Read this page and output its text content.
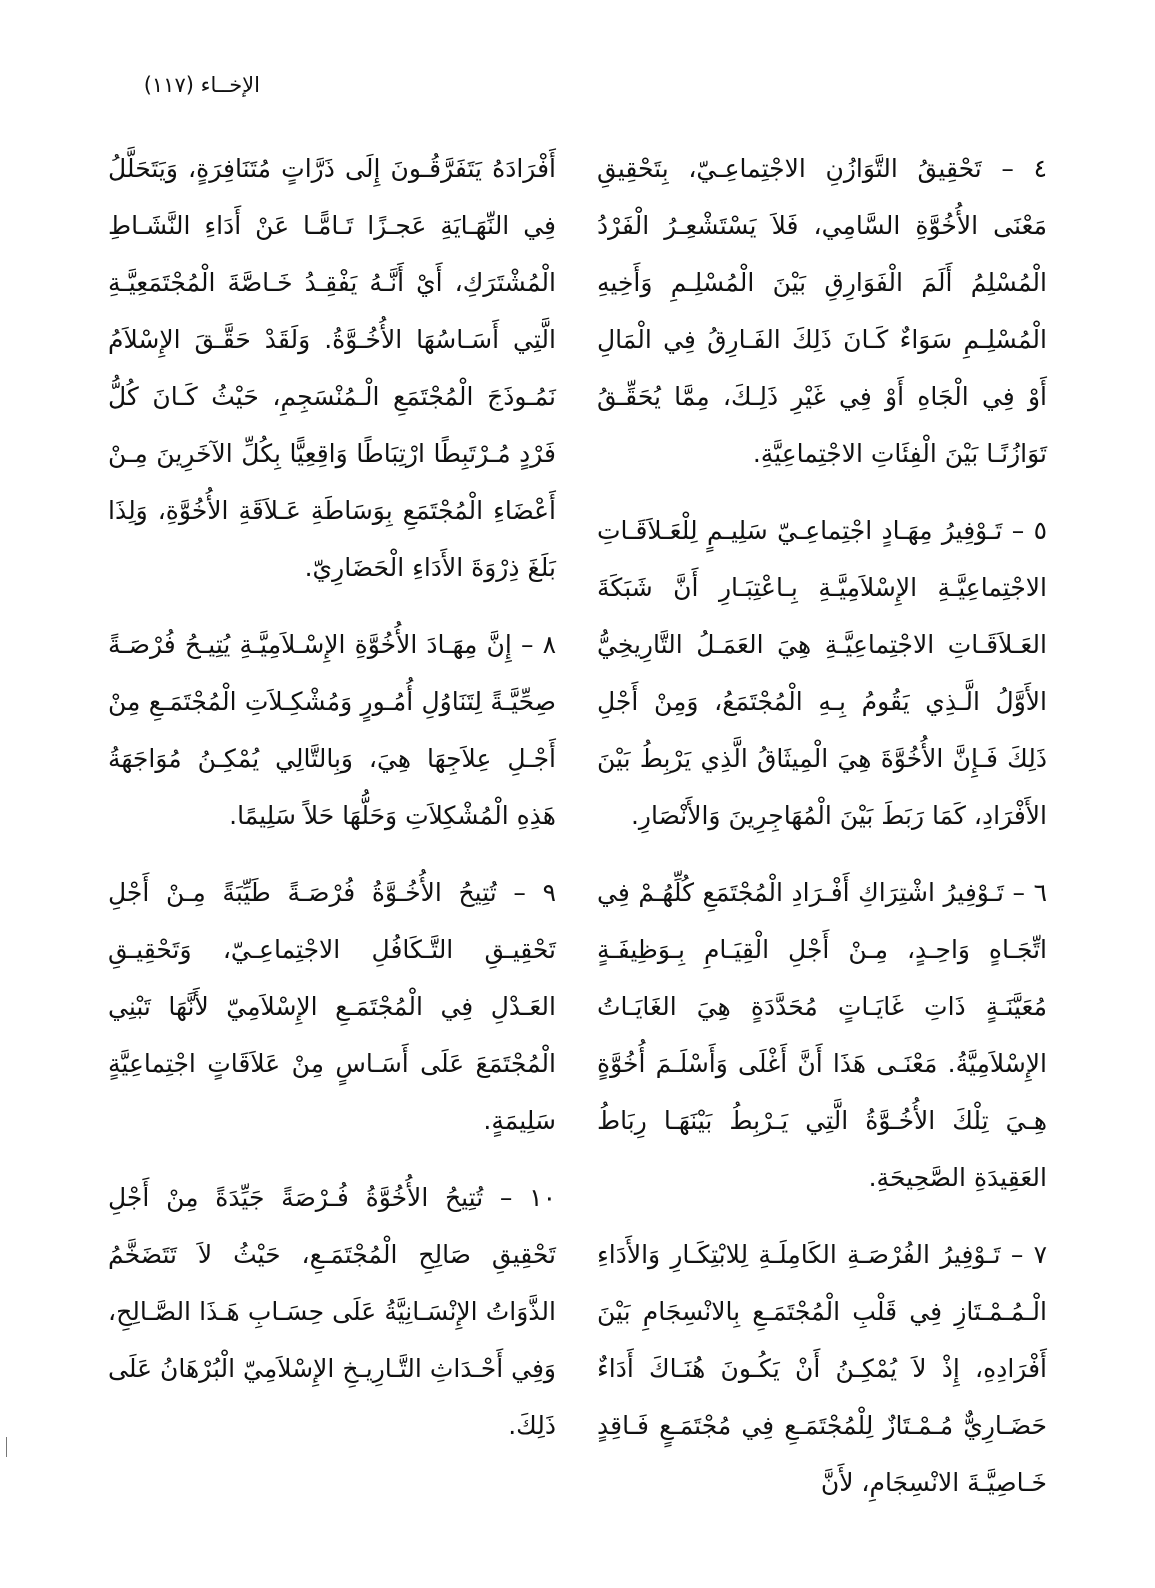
الإخــاء (١١٧)

٤ – تَحْقِيقُ التَّوَازُنِ الاجْتِماعِـيّ، بِتَحْقِيقِ مَعْنَى الأُخُوَّةِ السَّامِي، فَلاَ يَسْتَشْعِـرُ الْفَرْدُ الْمُسْلِمُ أَلَمَ الْفَوَارِقِ بَيْنَ الْمُسْلِـمِ وَأَخِيهِ الْمُسْلِـمِ سَوَاءٌ كَـانَ ذَلِكَ الفَـارِقُ فِي الْمَالِ أَوْ فِي الْجَاهِ أَوْ فِي غَيْرِ ذَلِـكَ، مِمَّا يُحَقِّـقُ تَوَازُنًـا بَيْنَ الْفِئَاتِ الاجْتِماعِيَّةِ.

٥ – تَـوْفِيرُ مِهَـادٍ اجْتِماعِـيّ سَلِيـمٍ لِلْعَـلاَقَـاتِ الاجْتِماعِيَّـةِ الإِسْلاَمِيَّـةِ بِـاعْتِبَـارِ أَنَّ شَبَكَةَ العَـلاَقَـاتِ الاجْتِماعِيَّـةِ هِيَ العَمَـلُ التَّارِيخِيُّ الأَوَّلُ الَّـذِي يَقُومُ بِـهِ الْمُجْتَمَعُ، وَمِنْ أَجْلِ ذَلِكَ فَـإِنَّ الأُخُوَّةَ هِيَ الْمِيثَاقُ الَّذِي يَرْبِطُ بَيْنَ الأَفْرَادِ، كَمَا رَبَطَ بَيْنَ الْمُهَاجِرِينَ وَالأَنْصَارِ.

٦ – تَـوْفِيرُ اشْتِرَاكِ أَفْـرَادِ الْمُجْتَمَعِ كُلِّهُـمْ فِي اتِّجَـاهٍ وَاحِـدٍ، مِـنْ أَجْلِ الْقِيَـامِ بِـوَظِيفَـةٍ مُعَيَّنَـةٍ ذَاتِ غَايَـاتٍ مُحَدَّدَةٍ هِيَ الغَايَـاتُ الإِسْلاَمِيَّةُ. مَعْنَـى هَذَا أَنَّ أَغْلَى وَأَسْلَـمَ أُخُوَّةٍ هِـيَ تِلْكَ الأُخُـوَّةُ الَّتِي يَـرْبِطُ بَيْنَهَـا رِبَاطُ العَقِيدَةِ الصَّحِيحَةِ.

٧ – تَـوْفِيرُ الفُرْصَـةِ الكَامِلَـةِ لِلابْتِكَـارِ وَالأَدَاءِ الْـمُـمْـتَازِ فِي قَلْبِ الْمُجْتَمَـعِ بِالانْسِجَامِ بَيْنَ أَفْرَادِهِ، إِذْ لاَ يُمْكِـنُ أَنْ يَكُـونَ هُنَـاكَ أَدَاءٌ حَضَـارِيٌّ مُـمْـتَازٌ لِلْمُجْتَمَـعِ فِي مُجْتَمَـعٍ فَـاقِدٍ خَـاصِيَّـةَ الانْسِجَامِ، لأَنَّ

أَفْرَادَهُ يَتَفَرَّقُـونَ إِلَى ذَرَّاتٍ مُتَنَافِرَةٍ، وَيَتَحَلَّلُ فِي النِّهَـايَةِ عَجـزًا تَـامًّـا عَنْ أَدَاءِ النَّشَـاطِ الْمُشْتَرَكِ، أَيْ أَنَّـهُ يَفْقِـدُ خَـاصَّةَ الْمُجْتَمَعِيَّـةِ الَّتِي أَسَـاسُهَا الأُخُـوَّةُ. وَلَقَدْ حَقَّـقَ الإِسْلاَمُ نَمُـوذَجَ الْمُجْتَمَعِ الْـمُنْسَجِمِ، حَيْثُ كَـانَ كُلُّ فَرْدٍ مُـرْتَبِطًا ارْتِبَاطًا وَاقِعِيًّا بِكُلِّ الآخَرِينَ مِـنْ أَعْضَاءِ الْمُجْتَمَعِ بِوَسَاطَةِ عَـلاَقَةِ الأُخُوَّةِ، وَلِذَا بَلَغَ ذِرْوَةَ الأَدَاءِ الْحَضَارِيّ.

٨ – إِنَّ مِهَـادَ الأُخُوَّةِ الإِسْـلاَمِيَّـةِ يُتِيـحُ فُرْصَـةً صِحِّيَّـةً لِتَنَاوُلِ أُمُـورٍ وَمُشْكِـلاَتِ الْمُجْتَمَـعِ مِنْ أَجْـلِ عِلاَجِهَا هِيَ، وَبِالتَّالِي يُمْكِـنُ مُوَاجَهَةُ هَذِهِ الْمُشْكِلاَتِ وَحَلُّهَا حَلاً سَلِيمًا.

٩ – تُتِيحُ الأُخُـوَّةُ فُرْصَـةً طَيِّبَةً مِـنْ أَجْلِ تَحْقِيـقِ التَّـكَافُلِ الاجْتِماعِـيّ، وَتَحْقِيـقِ العَـدْلِ فِي الْمُجْتَمَـعِ الإِسْلاَمِيّ لأَنَّهَا تَبْنِي الْمُجْتَمَعَ عَلَى أَسَـاسٍ مِنْ عَلاَقَاتٍ اجْتِماعِيَّةٍ سَلِيمَةٍ.

١٠ – تُتِيحُ الأُخُوَّةُ فُـرْصَةً جَيِّدَةً مِنْ أَجْلِ تَحْقِيقِ صَالِحِ الْمُجْتَمَـعِ، حَيْثُ لاَ تَتَضَخَّمُ الذَّوَاتُ الإِنْسَـانِيَّةُ عَلَى حِسَـابِ هَـذَا الصَّـالِحِ، وَفِي أَحْـدَاثِ التَّـارِيـخِ الإِسْلاَمِيّ الْبُرْهَانُ عَلَى ذَلِكَ.
